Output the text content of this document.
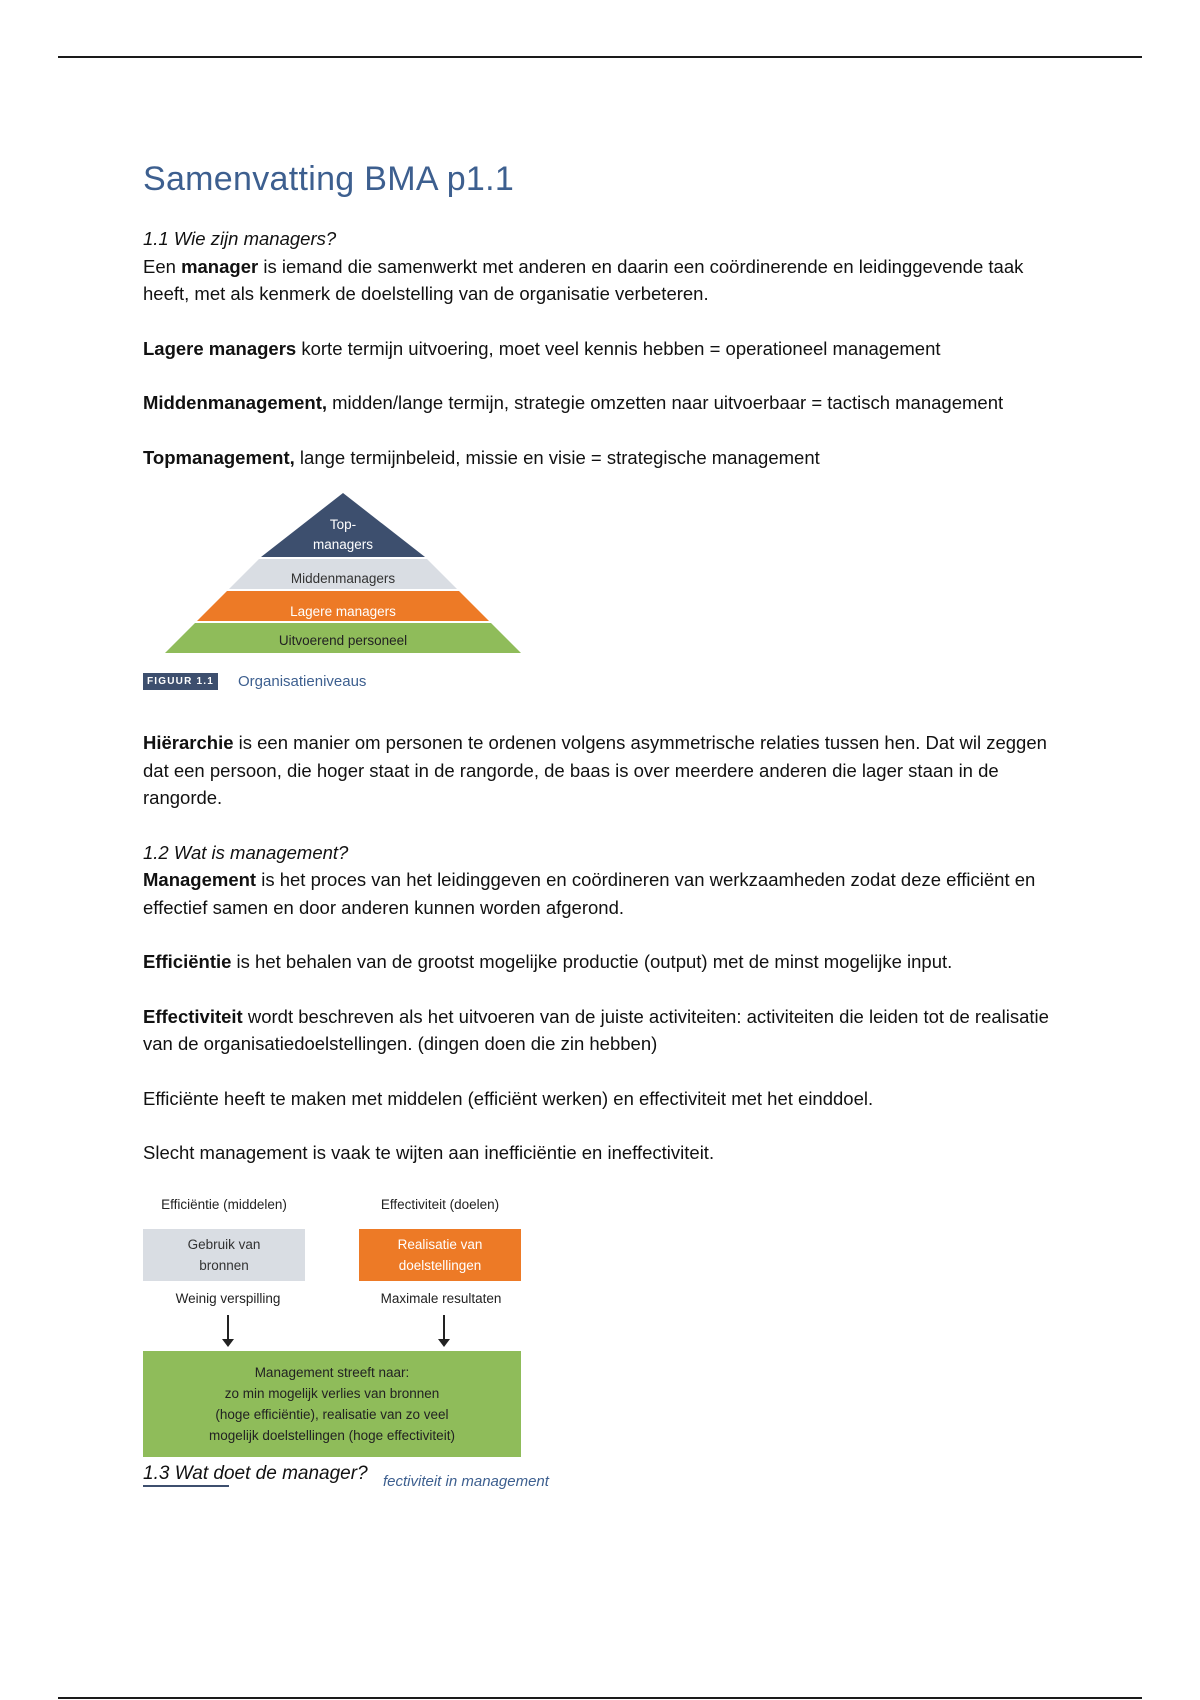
Samenvatting BMA p1.1

1.1 Wie zijn managers?

Een manager is iemand die samenwerkt met anderen en daarin een coördinerende en leidinggevende taak heeft, met als kenmerk de doelstelling van de organisatie verbeteren.

Lagere managers korte termijn uitvoering, moet veel kennis hebben = operationeel management

Middenmanagement, midden/lange termijn, strategie omzetten naar uitvoerbaar = tactisch management

Topmanagement, lange termijnbeleid, missie en visie = strategische management

Top-
managers
Middenmanagers
Lagere managers
Uitvoerend personeel
FIGUUR 1.1 Organisatieniveaus

Hiërarchie is een manier om personen te ordenen volgens asymmetrische relaties tussen hen. Dat wil zeggen dat een persoon, die hoger staat in de rangorde, de baas is over meerdere anderen die lager staan in de rangorde.

1.2 Wat is management?

Management is het proces van het leidinggeven en coördineren van werkzaamheden zodat deze efficiënt en effectief samen en door anderen kunnen worden afgerond.

Efficiëntie is het behalen van de grootst mogelijke productie (output) met de minst mogelijke input.

Effectiviteit wordt beschreven als het uitvoeren van de juiste activiteiten: activiteiten die leiden tot de realisatie van de organisatiedoelstellingen. (dingen doen die zin hebben)

Efficiënte heeft te maken met middelen (efficiënt werken) en effectiviteit met het einddoel.

Slecht management is vaak te wijten aan inefficiëntie en ineffectiviteit.

Efficiëntie (middelen)	Effectiviteit (doelen)
Gebruik van
bronnen
Realisatie van
doelstellingen
Weinig verspilling	Maximale resultaten
Management streeft naar:
zo min mogelijk verlies van bronnen
(hoge efficiëntie), realisatie van zo veel
mogelijk doelstellingen (hoge effectiviteit)
fectiviteit in management
1.3 Wat doet de manager?
